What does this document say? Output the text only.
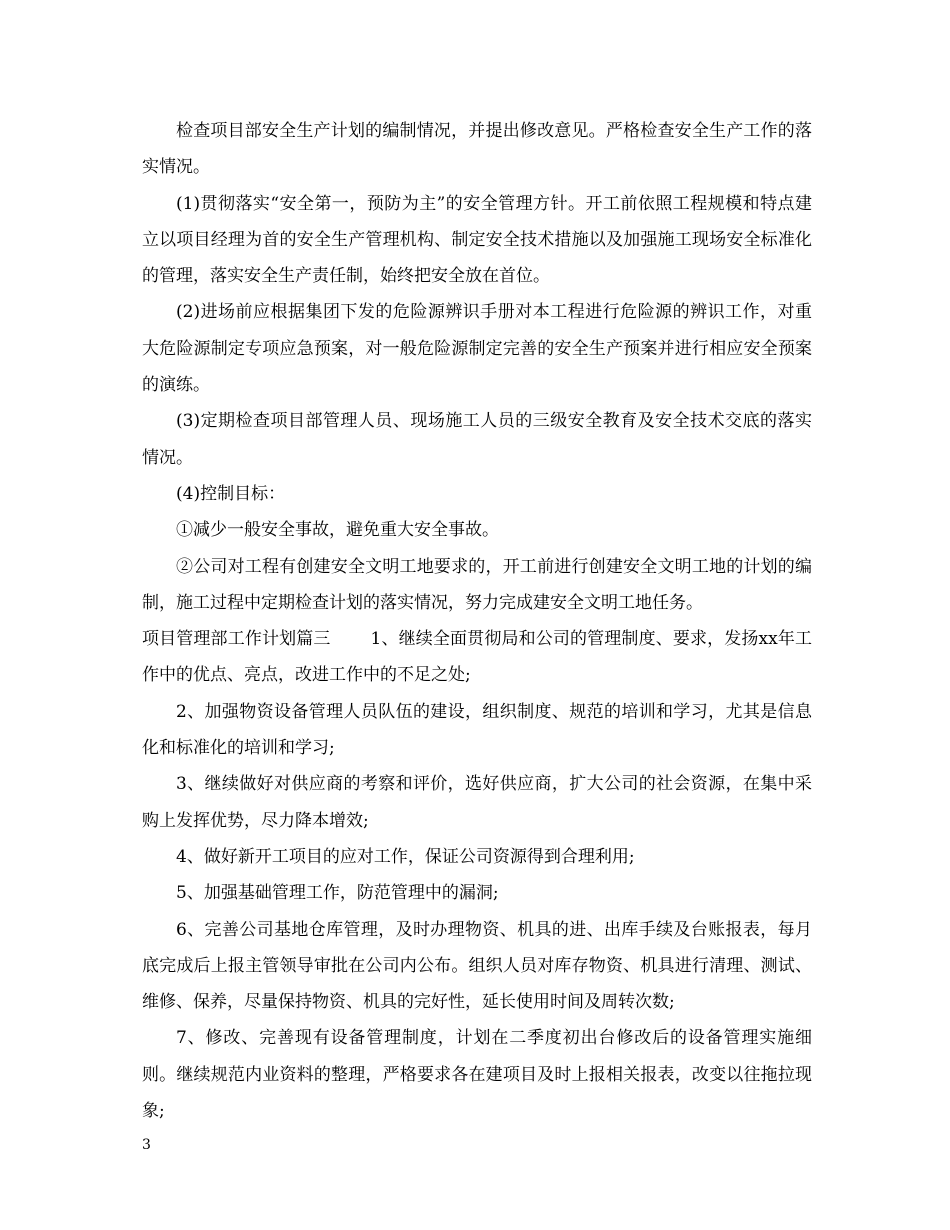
检查项目部安全生产计划的编制情况，并提出修改意见。严格检查安全生产工作的落实情况。

(1)贯彻落实“安全第一，预防为主”的安全管理方针。开工前依照工程规模和特点建立以项目经理为首的安全生产管理机构、制定安全技术措施以及加强施工现场安全标准化的管理，落实安全生产责任制，始终把安全放在首位。

(2)进场前应根据集团下发的危险源辨识手册对本工程进行危险源的辨识工作，对重大危险源制定专项应急预案，对一般危险源制定完善的安全生产预案并进行相应安全预案的演练。

(3)定期检查项目部管理人员、现场施工人员的三级安全教育及安全技术交底的落实情况。

(4)控制目标：

①减少一般安全事故，避免重大安全事故。

②公司对工程有创建安全文明工地要求的，开工前进行创建安全文明工地的计划的编制，施工过程中定期检查计划的落实情况，努力完成建安全文明工地任务。

项目管理部工作计划篇三 1、继续全面贯彻局和公司的管理制度、要求，发扬xx年工作中的优点、亮点，改进工作中的不足之处;

2、加强物资设备管理人员队伍的建设，组织制度、规范的培训和学习，尤其是信息化和标准化的培训和学习;

3、继续做好对供应商的考察和评价，选好供应商，扩大公司的社会资源，在集中采购上发挥优势，尽力降本增效;

4、做好新开工项目的应对工作，保证公司资源得到合理利用;

5、加强基础管理工作，防范管理中的漏洞;

6、完善公司基地仓库管理，及时办理物资、机具的进、出库手续及台账报表，每月底完成后上报主管领导审批在公司内公布。组织人员对库存物资、机具进行清理、测试、维修、保养，尽量保持物资、机具的完好性，延长使用时间及周转次数;

7、修改、完善现有设备管理制度，计划在二季度初出台修改后的设备管理实施细则。继续规范内业资料的整理，严格要求各在建项目及时上报相关报表，改变以往拖拉现象;

3
